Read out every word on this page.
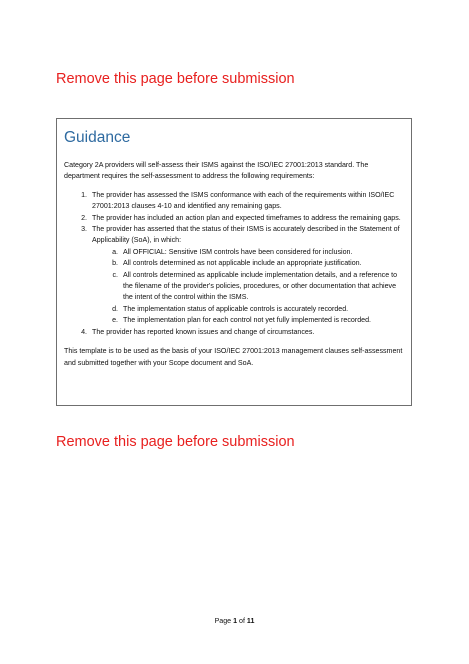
Remove this page before submission

Guidance

Category 2A providers will self-assess their ISMS against the ISO/IEC 27001:2013 standard. The department requires the self-assessment to address the following requirements:

1. The provider has assessed the ISMS conformance with each of the requirements within ISO/IEC 27001:2013 clauses 4-10 and identified any remaining gaps.
2. The provider has included an action plan and expected timeframes to address the remaining gaps.
3. The provider has asserted that the status of their ISMS is accurately described in the Statement of Applicability (SoA), in which:
a. All OFFICIAL: Sensitive ISM controls have been considered for inclusion.
b. All controls determined as not applicable include an appropriate justification.
c. All controls determined as applicable include implementation details, and a reference to the filename of the provider's policies, procedures, or other documentation that achieve the intent of the control within the ISMS.
d. The implementation status of applicable controls is accurately recorded.
e. The implementation plan for each control not yet fully implemented is recorded.
4. The provider has reported known issues and change of circumstances.

This template is to be used as the basis of your ISO/IEC 27001:2013 management clauses self-assessment and submitted together with your Scope document and SoA.

Remove this page before submission

Page 1 of 11
